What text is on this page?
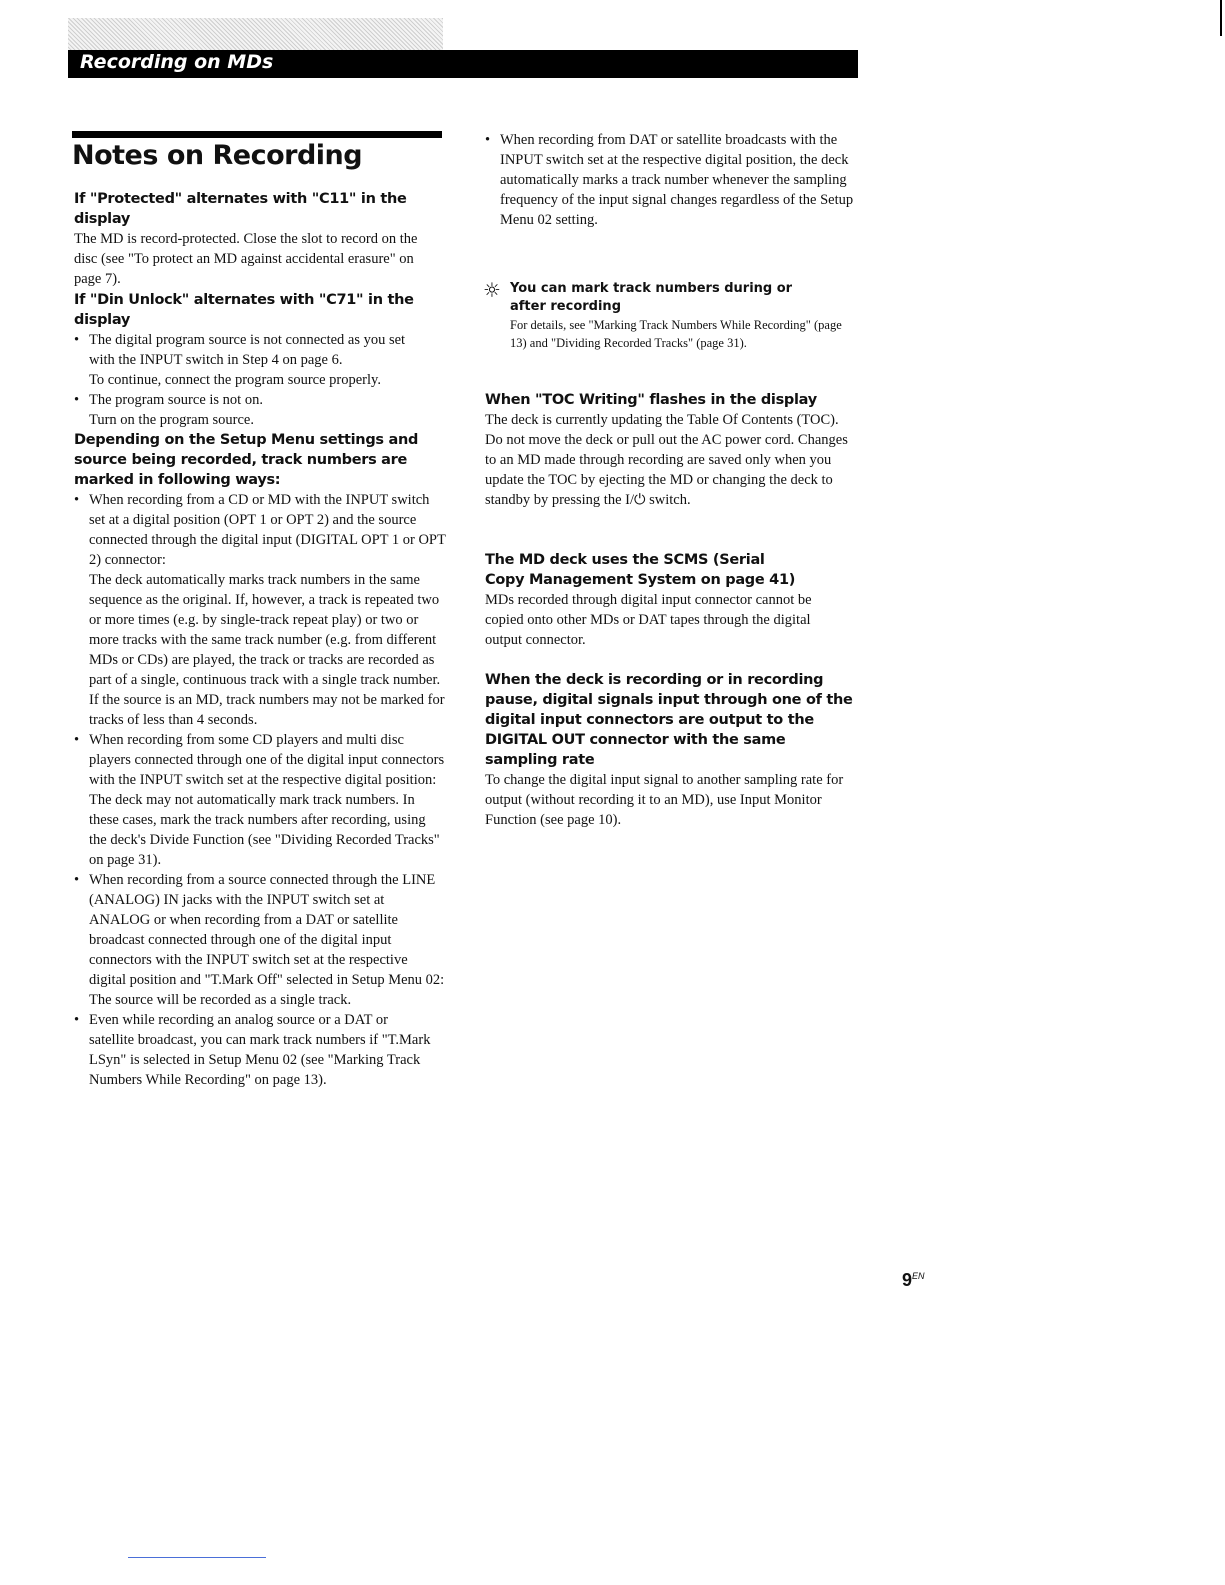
Recording on MDs
Notes on Recording
If "Protected" alternates with "C11" in the display

The MD is record-protected. Close the slot to record on the disc (see "To protect an MD against accidental erasure" on page 7).

If "Din Unlock" alternates with "C71" in the display
• The digital program source is not connected as you set with the INPUT switch in Step 4 on page 6.
To continue, connect the program source properly.
• The program source is not on.
Turn on the program source.
Depending on the Setup Menu settings and source being recorded, track numbers are marked in following ways:
• When recording from a CD or MD with the INPUT switch set at a digital position (OPT 1 or OPT 2) and the source connected through the digital input (DIGITAL OPT 1 or OPT 2) connector:
The deck automatically marks track numbers in the same sequence as the original. If, however, a track is repeated two or more times (e.g. by single-track repeat play) or two or more tracks with the same track number (e.g. from different MDs or CDs) are played, the track or tracks are recorded as part of a single, continuous track with a single track number. If the source is an MD, track numbers may not be marked for tracks of less than 4 seconds.
• When recording from some CD players and multi disc players connected through one of the digital input connectors with the INPUT switch set at the respective digital position:
The deck may not automatically mark track numbers. In these cases, mark the track numbers after recording, using the deck's Divide Function (see "Dividing Recorded Tracks" on page 31).
• When recording from a source connected through the LINE (ANALOG) IN jacks with the INPUT switch set at ANALOG or when recording from a DAT or satellite broadcast connected through one of the digital input connectors with the INPUT switch set at the respective digital position and "T.Mark Off" selected in Setup Menu 02:
The source will be recorded as a single track.
• Even while recording an analog source or a DAT or satellite broadcast, you can mark track numbers if "T.Mark LSyn" is selected in Setup Menu 02 (see "Marking Track Numbers While Recording" on page 13).
• When recording from DAT or satellite broadcasts with the INPUT switch set at the respective digital position, the deck automatically marks a track number whenever the sampling frequency of the input signal changes regardless of the Setup Menu 02 setting.
☼ You can mark track numbers during or after recording

For details, see "Marking Track Numbers While Recording" (page 13) and "Dividing Recorded Tracks" (page 31).

When "TOC Writing" flashes in the display

The deck is currently updating the Table Of Contents (TOC). Do not move the deck or pull out the AC power cord. Changes to an MD made through recording are saved only when you update the TOC by ejecting the MD or changing the deck to standby by pressing the I/⏻ switch.

The MD deck uses the SCMS (Serial Copy Management System on page 41)

MDs recorded through digital input connector cannot be copied onto other MDs or DAT tapes through the digital output connector.

When the deck is recording or in recording pause, digital signals input through one of the digital input connectors are output to the DIGITAL OUT connector with the same sampling rate

To change the digital input signal to another sampling rate for output (without recording it to an MD), use Input Monitor Function (see page 10).

$9^{EN}$
